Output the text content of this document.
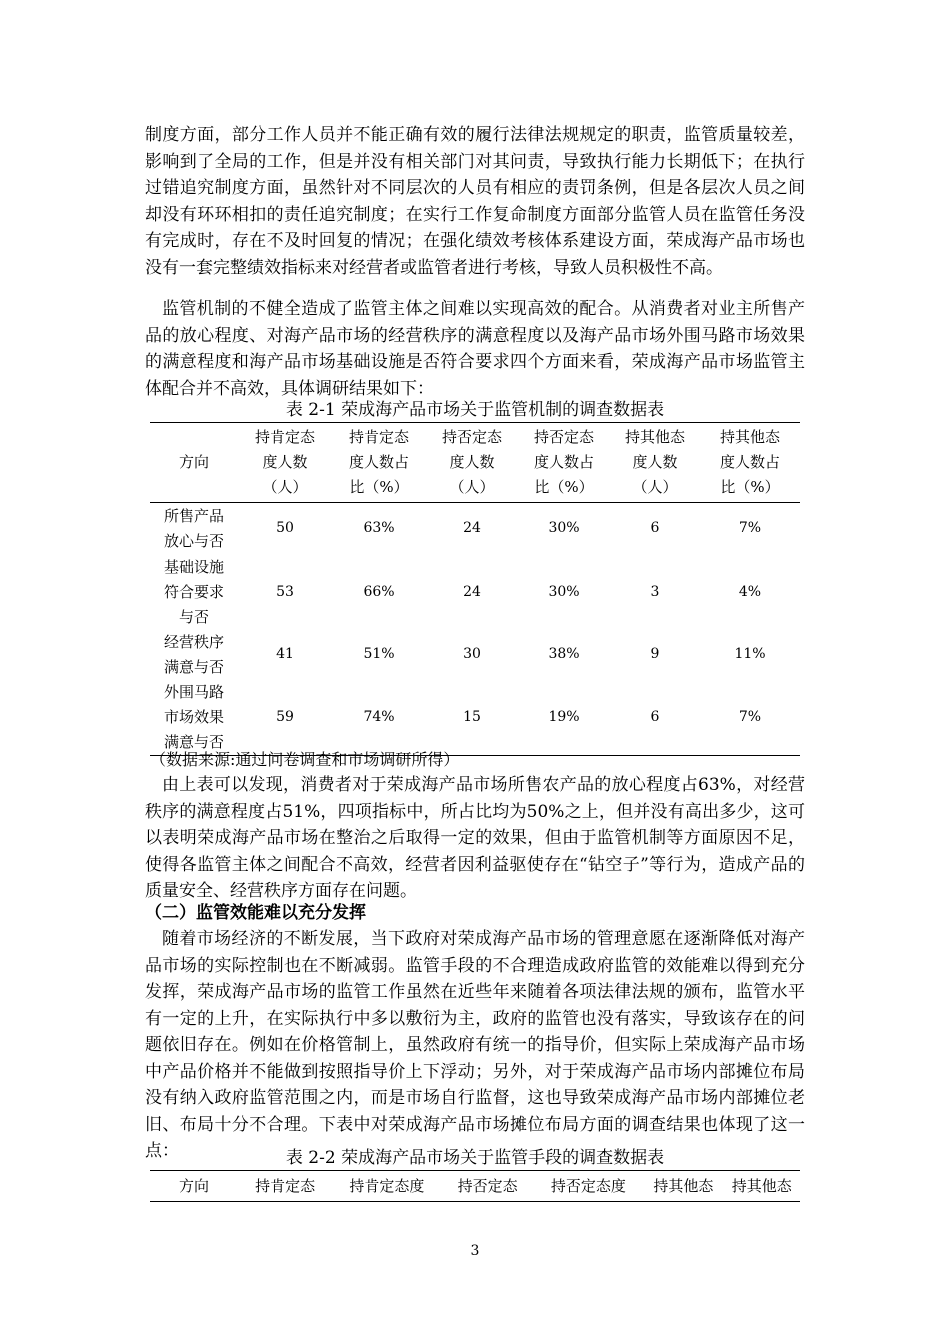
制度方面，部分工作人员并不能正确有效的履行法律法规规定的职责，监管质量较差，影响到了全局的工作，但是并没有相关部门对其问责，导致执行能力长期低下；在执行过错追究制度方面，虽然针对不同层次的人员有相应的责罚条例，但是各层次人员之间却没有环环相扣的责任追究制度；在实行工作复命制度方面部分监管人员在监管任务没有完成时，存在不及时回复的情况；在强化绩效考核体系建设方面，荣成海产品市场也没有一套完整绩效指标来对经营者或监管者进行考核，导致人员积极性不高。

监管机制的不健全造成了监管主体之间难以实现高效的配合。从消费者对业主所售产品的放心程度、对海产品市场的经营秩序的满意程度以及海产品市场外围马路市场效果的满意程度和海产品市场基础设施是否符合要求四个方面来看，荣成海产品市场监管主体配合并不高效，具体调研结果如下：

表 2-1 荣成海产品市场关于监管机制的调查数据表
方向	持肯定态度人数（人）	持肯定态度人数占比（%）	持否定态度人数（人）	持否定态度人数占比（%）	持其他态度人数（人）	持其他态度人数占比（%）

所售产品放心与否	50	63%	24	30%	6	7%

基础设施符合要求与否	53	66%	24	30%	3	4%

经营秩序满意与否	41	51%	30	38%	9	11%

外围马路市场效果满意与否	59	74%	15	19%	6	7%
（数据来源:通过问卷调查和市场调研所得）

由上表可以发现，消费者对于荣成海产品市场所售农产品的放心程度占63%，对经营秩序的满意程度占51%，四项指标中，所占比均为50%之上，但并没有高出多少，这可以表明荣成海产品市场在整治之后取得一定的效果，但由于监管机制等方面原因不足，使得各监管主体之间配合不高效，经营者因利益驱使存在“钻空子”等行为，造成产品的质量安全、经营秩序方面存在问题。

（二）监管效能难以充分发挥

随着市场经济的不断发展，当下政府对荣成海产品市场的管理意愿在逐渐降低对海产品市场的实际控制也在不断减弱。监管手段的不合理造成政府监管的效能难以得到充分发挥，荣成海产品市场的监管工作虽然在近些年来随着各项法律法规的颁布，监管水平有一定的上升，在实际执行中多以敷衍为主，政府的监管也没有落实，导致该存在的问题依旧存在。例如在价格管制上，虽然政府有统一的指导价，但实际上荣成海产品市场中产品价格并不能做到按照指导价上下浮动；另外，对于荣成海产品市场内部摊位布局没有纳入政府监管范围之内，而是市场自行监督，这也导致荣成海产品市场内部摊位老旧、布局十分不合理。下表中对荣成海产品市场摊位布局方面的调查结果也体现了这一点：	表 2-2 荣成海产品市场关于监管手段的调查数据表
方向	持肯定态	持肯定态度	持否定态	持否定态度	持其他态	持其他态
3
